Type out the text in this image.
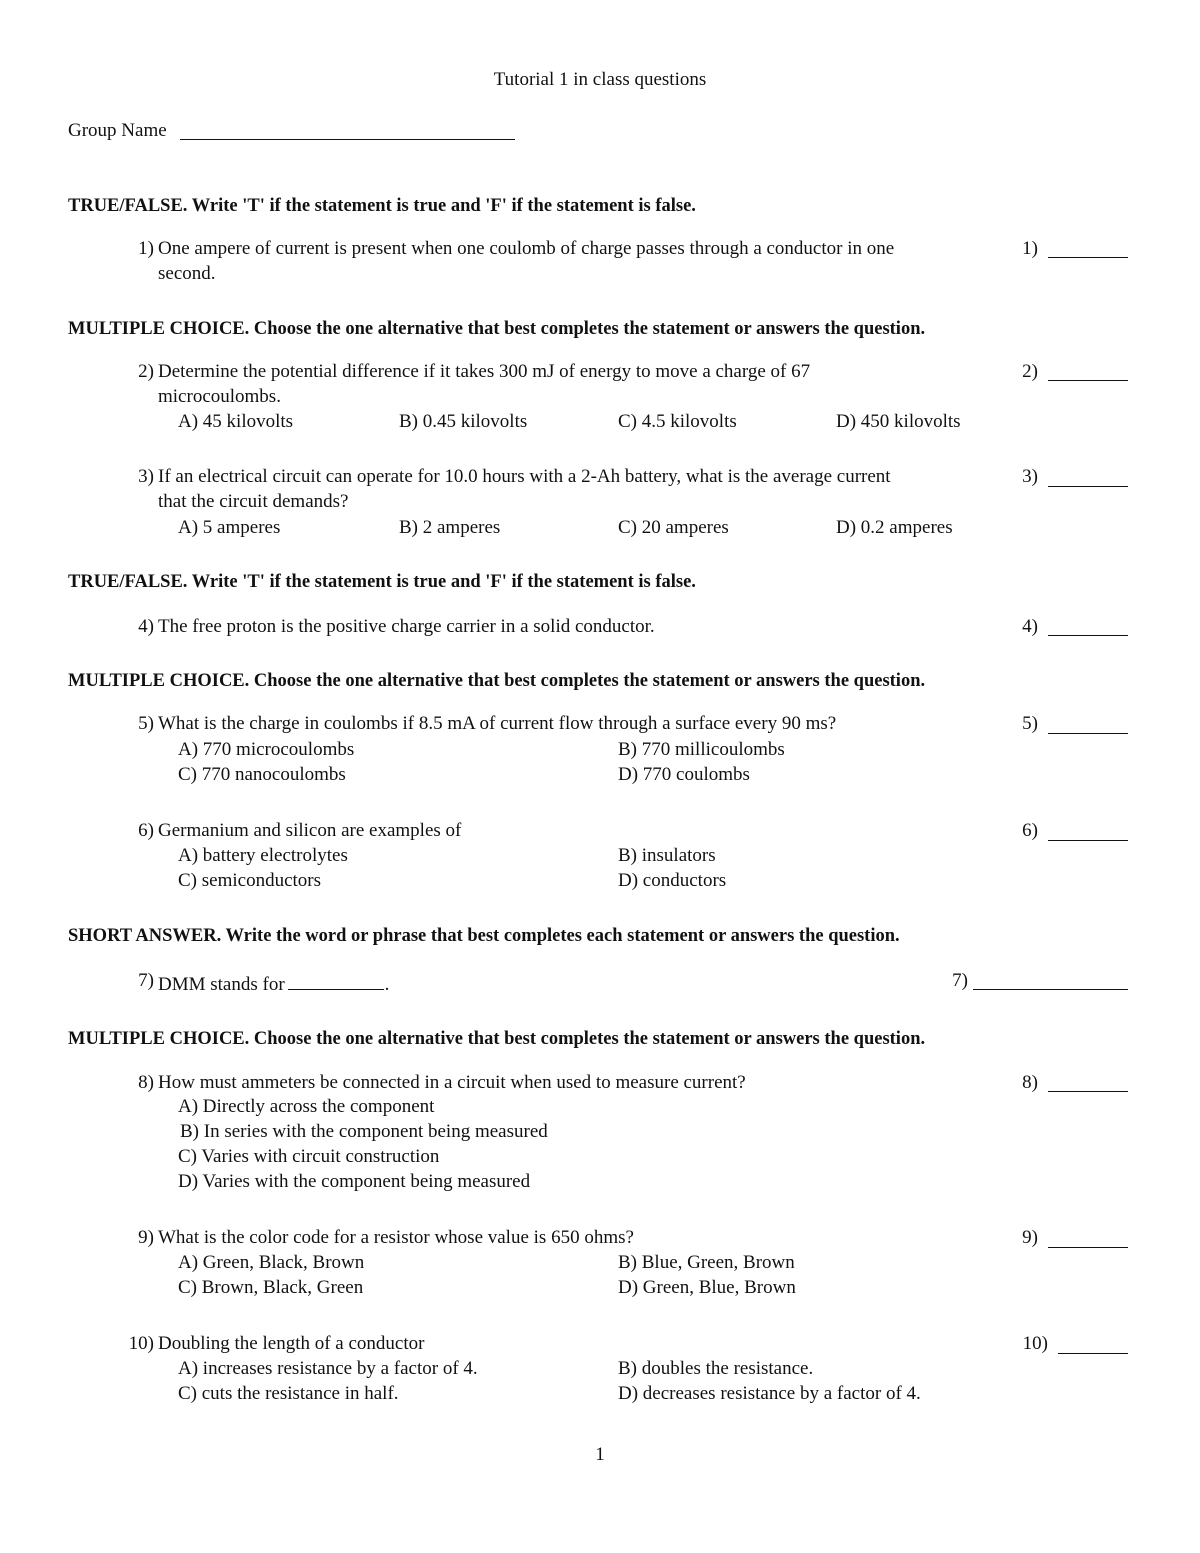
Tutorial 1 in class questions
Group Name
TRUE/FALSE. Write 'T' if the statement is true and 'F' if the statement is false.
1) One ampere of current is present when one coulomb of charge passes through a conductor in one
second.
1)
MULTIPLE CHOICE. Choose the one alternative that best completes the statement or answers the question.
2) Determine the potential difference if it takes 300 mJ of energy to move a charge of 67
microcoulombs.
A) 45 kilovolts	B) 0.45 kilovolts	C) 4.5 kilovolts	D) 450 kilovolts
2)
3) If an electrical circuit can operate for 10.0 hours with a 2-Ah battery, what is the average current
that the circuit demands?
A) 5 amperes	B) 2 amperes	C) 20 amperes	D) 0.2 amperes
3)
TRUE/FALSE. Write 'T' if the statement is true and 'F' if the statement is false.
4) The free proton is the positive charge carrier in a solid conductor.	4)
MULTIPLE CHOICE. Choose the one alternative that best completes the statement or answers the question.
5) What is the charge in coulombs if 8.5 mA of current flow through a surface every 90 ms?
A) 770 microcoulombs	B) 770 millicoulombs
C) 770 nanocoulombs	D) 770 coulombs
5)
6) Germanium and silicon are examples of
A) battery electrolytes	B) insulators
C) semiconductors	D) conductors
6)
SHORT ANSWER. Write the word or phrase that best completes each statement or answers the question.
7) DMM stands for	.	7)
MULTIPLE CHOICE. Choose the one alternative that best completes the statement or answers the question.
8) How must ammeters be connected in a circuit when used to measure current?
A) Directly across the component
B) In series with the component being measured
C) Varies with circuit construction
D) Varies with the component being measured
8)
9) What is the color code for a resistor whose value is 650 ohms?
A) Green, Black, Brown	B) Blue, Green, Brown
C) Brown, Black, Green	D) Green, Blue, Brown
9)
10) Doubling the length of a conductor
A) increases resistance by a factor of 4.	B) doubles the resistance.
C) cuts the resistance in half.	D) decreases resistance by a factor of 4.
10)
1
